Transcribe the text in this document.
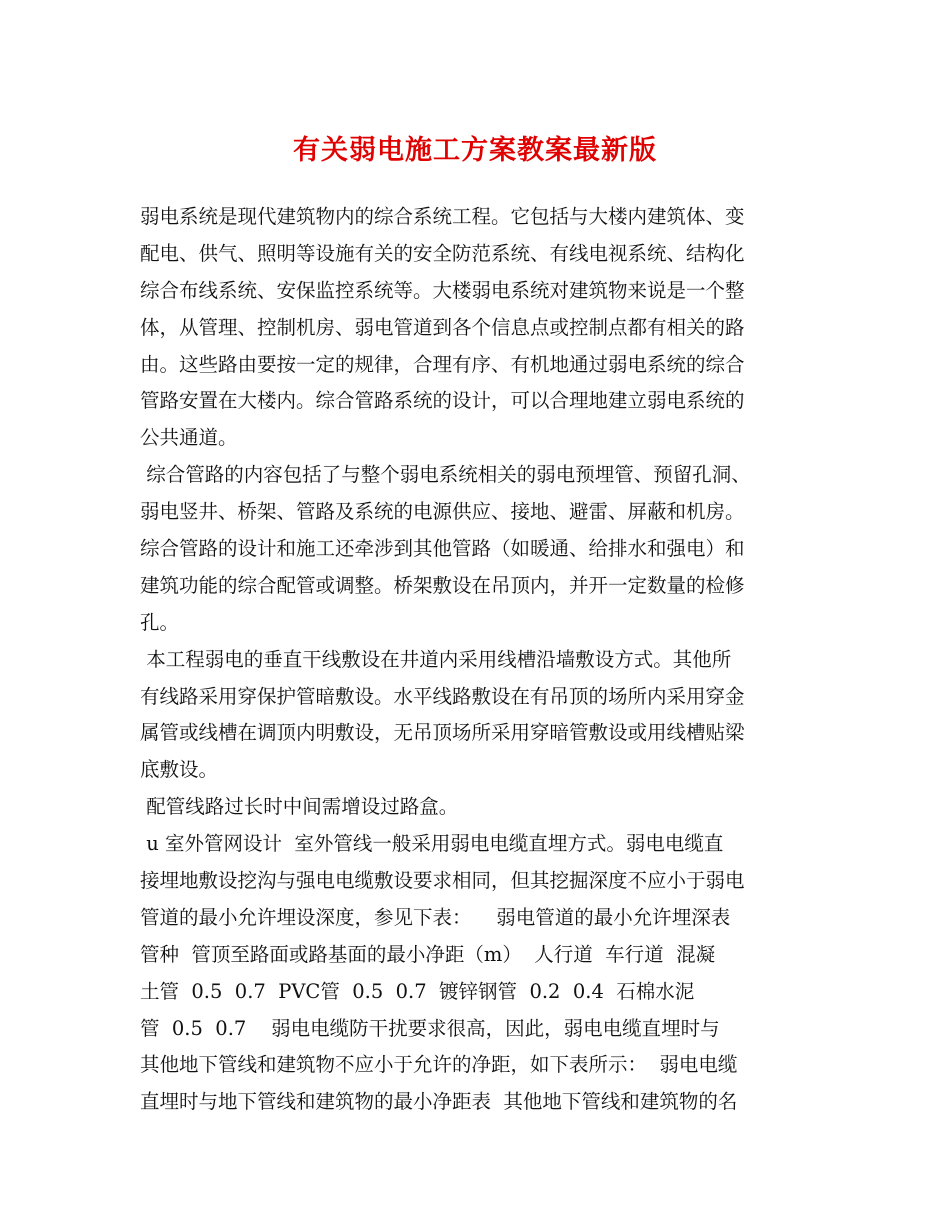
有关弱电施工方案教案最新版
弱电系统是现代建筑物内的综合系统工程。它包括与大楼内建筑体、变
配电、供气、照明等设施有关的安全防范系统、有线电视系统、结构化
综合布线系统、安保监控系统等。大楼弱电系统对建筑物来说是一个整
体，从管理、控制机房、弱电管道到各个信息点或控制点都有相关的路
由。这些路由要按一定的规律，合理有序、有机地通过弱电系统的综合
管路安置在大楼内。综合管路系统的设计，可以合理地建立弱电系统的
公共通道。
综合管路的内容包括了与整个弱电系统相关的弱电预埋管、预留孔洞、
弱电竖井、桥架、管路及系统的电源供应、接地、避雷、屏蔽和机房。
综合管路的设计和施工还牵涉到其他管路（如暖通、给排水和强电）和
建筑功能的综合配管或调整。桥架敷设在吊顶内，并开一定数量的检修
孔。
本工程弱电的垂直干线敷设在井道内采用线槽沿墙敷设方式。其他所
有线路采用穿保护管暗敷设。水平线路敷设在有吊顶的场所内采用穿金
属管或线槽在调顶内明敷设，无吊顶场所采用穿暗管敷设或用线槽贴梁
底敷设。
配管线路过长时中间需增设过路盒。
u 室外管网设计  室外管线一般采用弱电电缆直埋方式。弱电电缆直
接埋地敷设挖沟与强电电缆敷设要求相同，但其挖掘深度不应小于弱电
管道的最小允许埋设深度，参见下表：    弱电管道的最小允许埋深表
管种  管顶至路面或路基面的最小净距（m）  人行道  车行道  混凝
土管  0.5  0.7  PVC管  0.5  0.7  镀锌钢管  0.2  0.4  石棉水泥
管  0.5  0.7    弱电电缆防干扰要求很高，因此，弱电电缆直埋时与
其他地下管线和建筑物不应小于允许的净距，如下表所示：  弱电电缆
直埋时与地下管线和建筑物的最小净距表  其他地下管线和建筑物的名
